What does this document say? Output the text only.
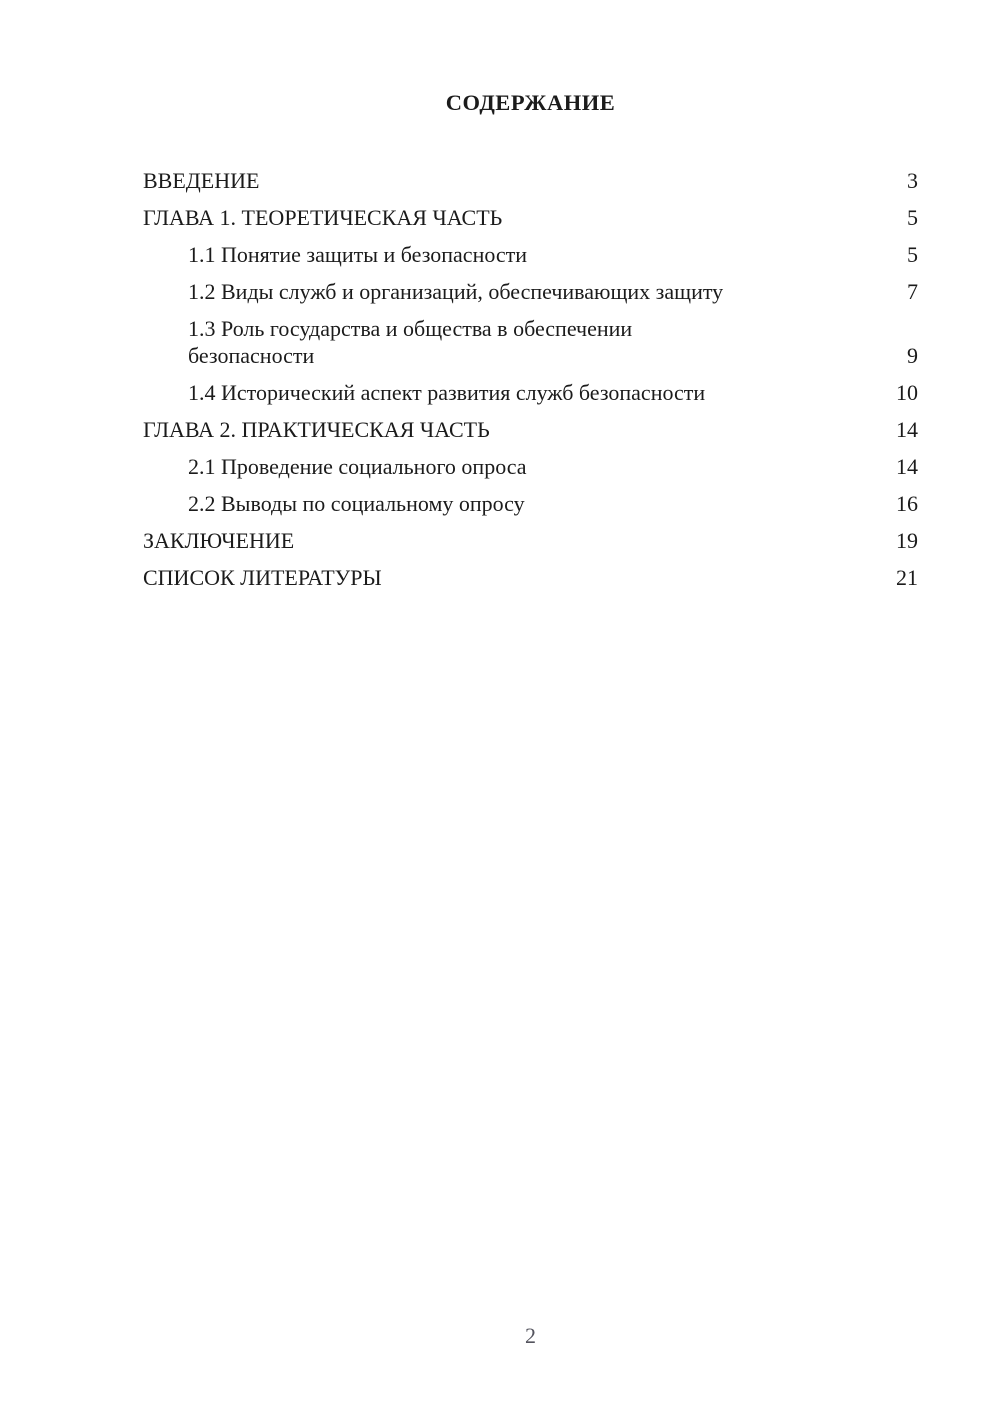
СОДЕРЖАНИЕ
ВВЕДЕНИЕ	3
ГЛАВА 1. ТЕОРЕТИЧЕСКАЯ ЧАСТЬ	5
1.1 Понятие защиты и безопасности	5
1.2 Виды служб и организаций, обеспечивающих защиту	7
1.3 Роль государства и общества в обеспечении
безопасности	9
1.4 Исторический аспект развития служб безопасности	10
ГЛАВА 2. ПРАКТИЧЕСКАЯ ЧАСТЬ	14
2.1 Проведение социального опроса	14
2.2 Выводы по социальному опросу	16
ЗАКЛЮЧЕНИЕ	19
СПИСОК ЛИТЕРАТУРЫ	21
2
